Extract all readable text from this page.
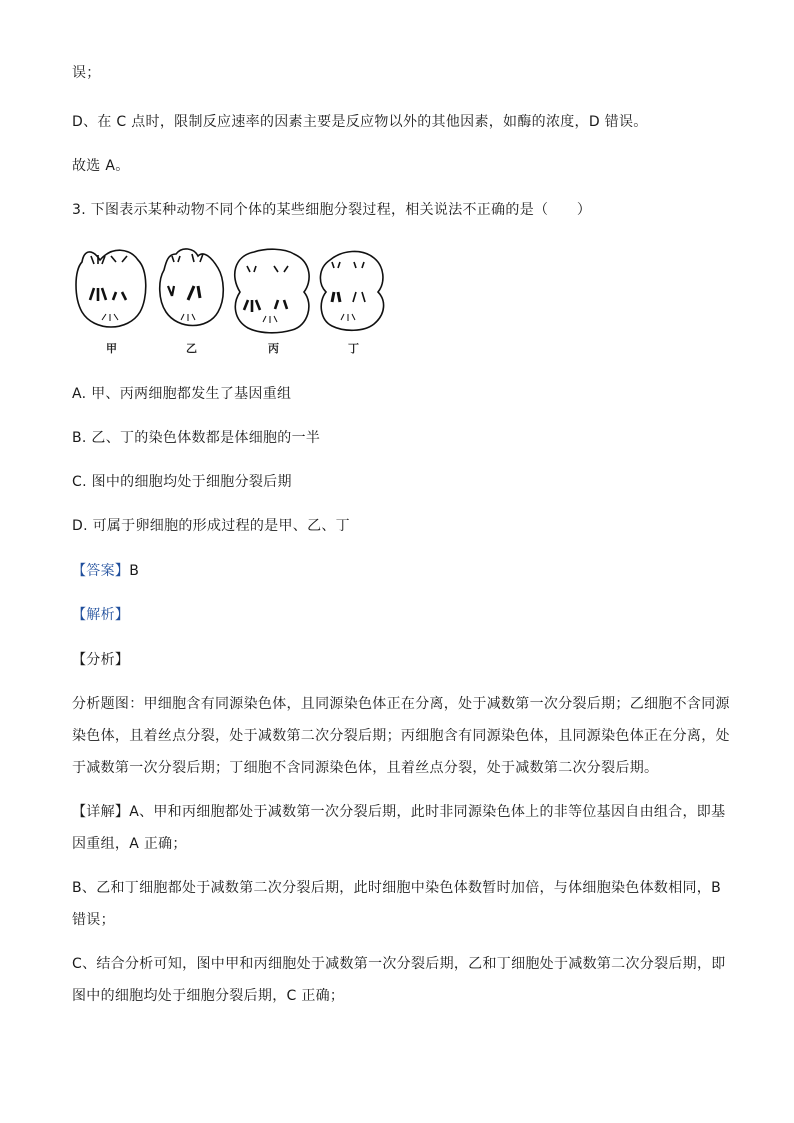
误；
D、在 C 点时，限制反应速率的因素主要是反应物以外的其他因素，如酶的浓度，D 错误。
故选 A。
3. 下图表示某种动物不同个体的某些细胞分裂过程，相关说法不正确的是（　　）
甲	乙	丙	丁
A. 甲、丙两细胞都发生了基因重组
B. 乙、丁的染色体数都是体细胞的一半
C. 图中的细胞均处于细胞分裂后期
D. 可属于卵细胞的形成过程的是甲、乙、丁
【答案】B
【解析】
【分析】
分析题图：甲细胞含有同源染色体，且同源染色体正在分离，处于减数第一次分裂后期；乙细胞不含同源
染色体，且着丝点分裂，处于减数第二次分裂后期；丙细胞含有同源染色体，且同源染色体正在分离，处
于减数第一次分裂后期；丁细胞不含同源染色体，且着丝点分裂，处于减数第二次分裂后期。
【详解】A、甲和丙细胞都处于减数第一次分裂后期，此时非同源染色体上的非等位基因自由组合，即基
因重组，A 正确；
B、乙和丁细胞都处于减数第二次分裂后期，此时细胞中染色体数暂时加倍，与体细胞染色体数相同，B
错误；
C、结合分析可知，图中甲和丙细胞处于减数第一次分裂后期，乙和丁细胞处于减数第二次分裂后期，即
图中的细胞均处于细胞分裂后期，C 正确；
